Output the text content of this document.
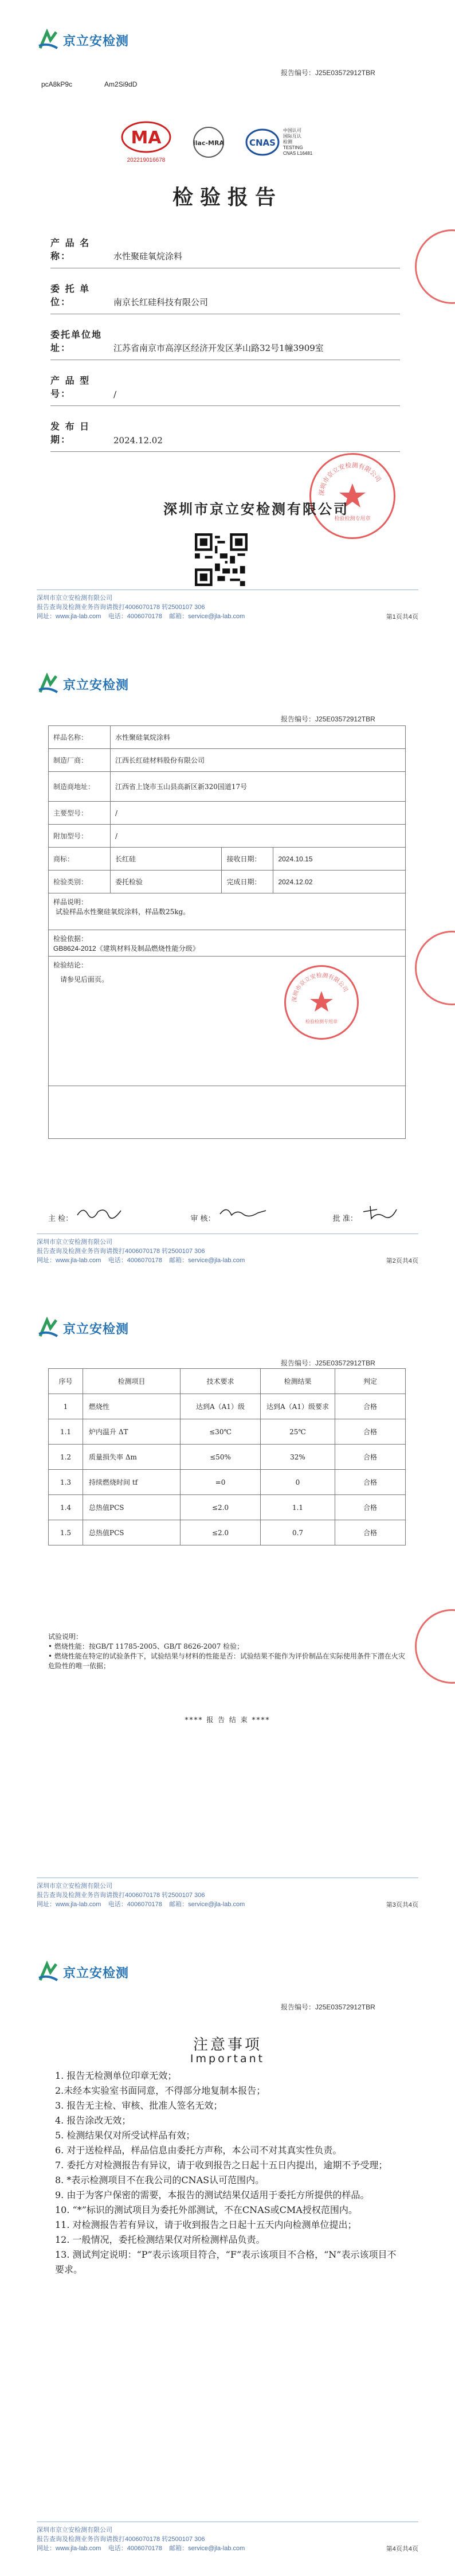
京立安检测
报告编号：J25E03572912TBR
pcA8kP9c	Am2Si9dD
MA
202219016678
ilac-MRA	CNAS
中国认可
国际互认
检测
TESTING
CNAS L16481
检验报告
产 品 名 称：	水性聚硅氧烷涂料
委 托 单 位：	南京长红硅科技有限公司
委托单位地址：	江苏省南京市高淳区经济开发区茅山路32号1幢3909室
产 品 型 号：	/
发 布 日 期：	2024.12.02
深圳市京立安检测有限公司
检验检测专用章
深圳市京立安检测有限公司
深圳市京立安检测有限公司
报告查询及检测业务咨询请拨打4006070178 转2500107 306
网址：www.jla-lab.com 电话：4006070178 邮箱：service@jla-lab.com	第1页共4页
京立安检测
报告编号：J25E03572912TBR
样品名称：	水性聚硅氧烷涂料		
制造厂商：	江西长红硅材料股份有限公司		
制造商地址：	江西省上饶市玉山县高新区新320国道17号		
主要型号：	/		
附加型号：	/		
商标：	长红硅	接收日期：	2024.10.15
检验类别：	委托检验	完成日期：	2024.12.02

样品说明：
试验样品水性聚硅氧烷涂料，样品数25kg。			

检验依据：
GB8624-2012《建筑材料及制品燃烧性能分级》			

检验结论：
请参见后面页。			

深圳市京立安检测有限公司
检验检测专用章
主 检：	审 核：	批 准：
深圳市京立安检测有限公司
报告查询及检测业务咨询请拨打4006070178 转2500107 306
网址：www.jla-lab.com 电话：4006070178 邮箱：service@jla-lab.com	第2页共4页
京立安检测
报告编号：J25E03572912TBR
序号	检测项目	技术要求	检测结果	判定
1	燃烧性	达到A（A1）级	达到A（A1）级要求	合格
1.1	炉内温升 ΔT	≤30℃	25℃	合格
1.2	质量损失率 Δm	≤50%	32%	合格
1.3	持续燃烧时间 tf	=0	0	合格
1.4	总热值PCS	≤2.0	1.1	合格
1.5	总热值PCS	≤2.0	0.7	合格
试验说明：
• 燃烧性能：按GB/T 11785-2005、GB/T 8626-2007 检验；
• 燃烧性能在特定的试验条件下，试验结果与材料的性能是否：试验结果不能作为评价制品在实际使用条件下潜在火灾危险性的唯一依据；
**** 报 告 结 束 ****
深圳市京立安检测有限公司
报告查询及检测业务咨询请拨打4006070178 转2500107 306
网址：www.jla-lab.com 电话：4006070178 邮箱：service@jla-lab.com	第3页共4页
京立安检测
报告编号：J25E03572912TBR
注意事项
Important
1. 报告无检测单位印章无效；
2.未经本实验室书面同意，不得部分地复制本报告；
3. 报告无主检、审核、批准人签名无效；
4. 报告涂改无效；
5. 检测结果仅对所受试样品有效；
6. 对于送检样品，样品信息由委托方声称，本公司不对其真实性负责。
7. 委托方对检测报告有异议，请于收到报告之日起十五日内提出，逾期不予受理；
8. *表示检测项目不在我公司的CNAS认可范围内。
9. 由于为客户保密的需要，本报告的测试结果仅适用于委托方所提供的样品。
10. “*”标识的测试项目为委托外部测试，不在CNAS或CMA授权范围内。
11. 对检测报告若有异议，请于收到报告之日起十五天内向检测单位提出；
12. 一般情况，委托检测结果仅对所检测样品负责。
13. 测试判定说明：“P”表示该项目符合，“F”表示该项目不合格，“N”表示该项目不要求。
深圳市京立安检测有限公司
报告查询及检测业务咨询请拨打4006070178 转2500107 306
网址：www.jla-lab.com 电话：4006070178 邮箱：service@jla-lab.com	第4页共4页
